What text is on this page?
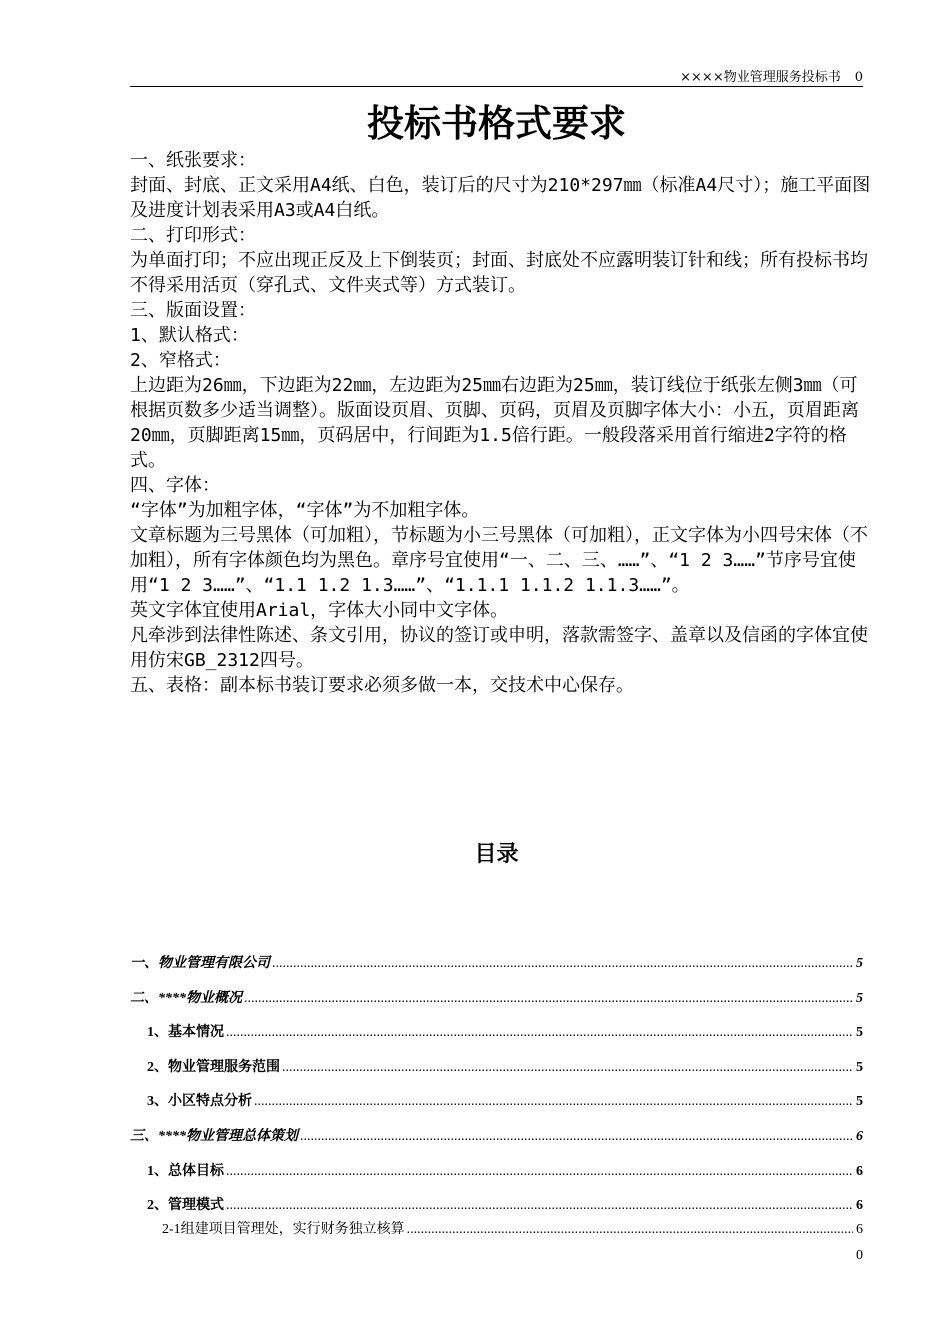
××××物业管理服务投标书 0
投标书格式要求

一、纸张要求：

封面、封底、正文采用A4纸、白色，装订后的尺寸为210*297㎜（标准A4尺寸）；施工平面图及进度计划表采用A3或A4白纸。

二、打印形式：

为单面打印；不应出现正反及上下倒装页；封面、封底处不应露明装订针和线；所有投标书均不得采用活页（穿孔式、文件夹式等）方式装订。

三、版面设置：

1、默认格式：

2、窄格式：

上边距为26㎜，下边距为22㎜，左边距为25㎜右边距为25㎜，装订线位于纸张左侧3㎜（可根据页数多少适当调整）。版面设页眉、页脚、页码，页眉及页脚字体大小：小五，页眉距离20㎜，页脚距离15㎜，页码居中，行间距为1.5倍行距。一般段落采用首行缩进2字符的格式。

四、字体：

“字体”为加粗字体，“字体”为不加粗字体。

文章标题为三号黑体（可加粗），节标题为小三号黑体（可加粗），正文字体为小四号宋体（不加粗），所有字体颜色均为黑色。章序号宜使用“一、二、三、……”、“1 2 3……”节序号宜使用“1 2 3……”、“1.1 1.2 1.3……”、“1.1.1 1.1.2 1.1.3……”。

英文字体宜使用Arial，字体大小同中文字体。

凡牵涉到法律性陈述、条文引用，协议的签订或申明，落款需签字、盖章以及信函的字体宜使用仿宋GB_2312四号。

五、表格：副本标书装订要求必须多做一本，交技术中心保存。

目录
一、物业管理有限公司 .....	5
二、****物业概况 .....	5
1、基本情况 .....	5
2、物业管理服务范围 .....	5
3、小区特点分析 .....	5
三、****物业管理总体策划 .....	6
1、总体目标 .....	6
2、管理模式 .....	6
2-1组建项目管理处，实行财务独立核算 .....	6
0
